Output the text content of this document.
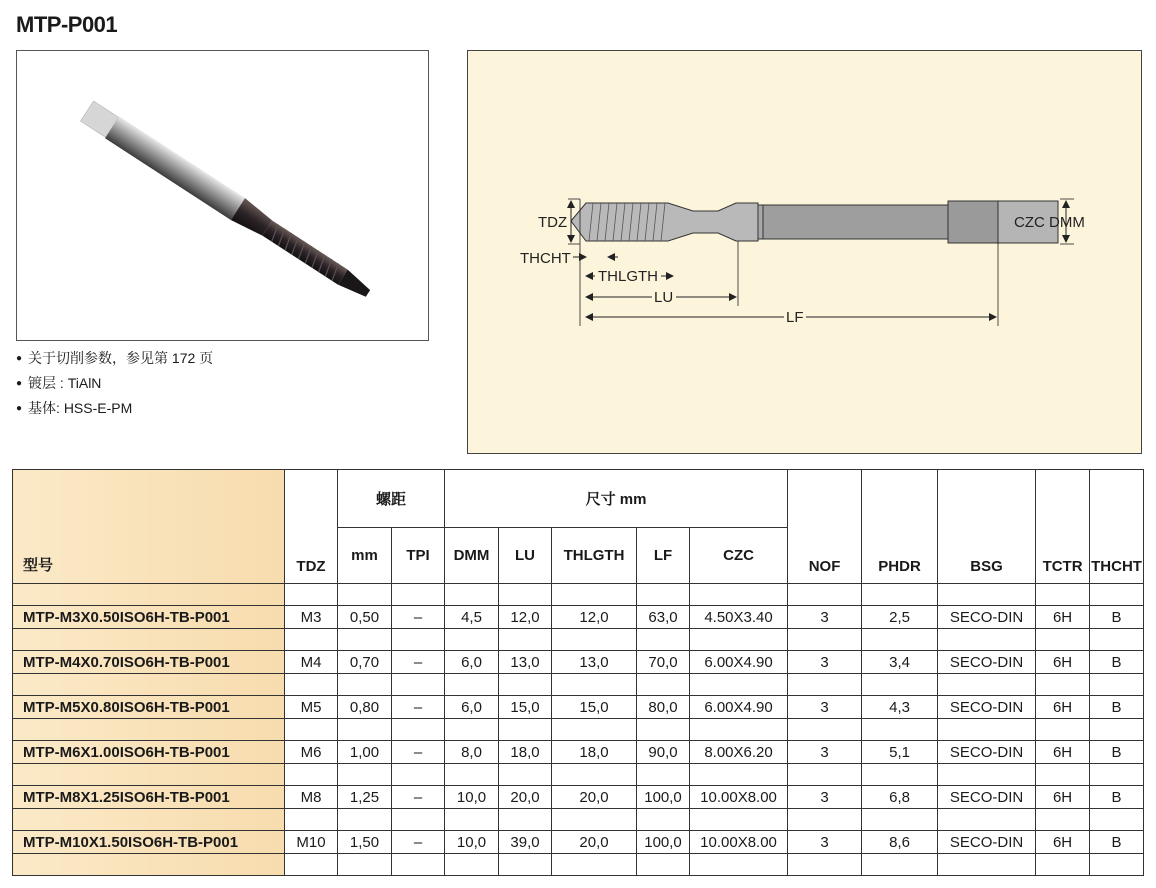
MTP-P001
● 关于切削参数，参见第 172 页
● 镀层 : TiAlN
● 基体: HSS-E-PM
TDZ
THCHT
THLGTH
LU
LF
CZC DMM
型号	TDZ	螺距		尺寸 mm					NOF	PHDR	BSG	TCTR	THCHT
		mm	TPI	DMM	LU	THLGTH	LF	CZC					

MTP-M3X0.50ISO6H-TB-P001	M3	0,50	–	4,5	12,0	12,0	63,0	4.50X3.40	3	2,5	SECO-DIN	6H	B

MTP-M4X0.70ISO6H-TB-P001	M4	0,70	–	6,0	13,0	13,0	70,0	6.00X4.90	3	3,4	SECO-DIN	6H	B

MTP-M5X0.80ISO6H-TB-P001	M5	0,80	–	6,0	15,0	15,0	80,0	6.00X4.90	3	4,3	SECO-DIN	6H	B

MTP-M6X1.00ISO6H-TB-P001	M6	1,00	–	8,0	18,0	18,0	90,0	8.00X6.20	3	5,1	SECO-DIN	6H	B

MTP-M8X1.25ISO6H-TB-P001	M8	1,25	–	10,0	20,0	20,0	100,0	10.00X8.00	3	6,8	SECO-DIN	6H	B

MTP-M10X1.50ISO6H-TB-P001	M10	1,50	–	10,0	39,0	20,0	100,0	10.00X8.00	3	8,6	SECO-DIN	6H	B
